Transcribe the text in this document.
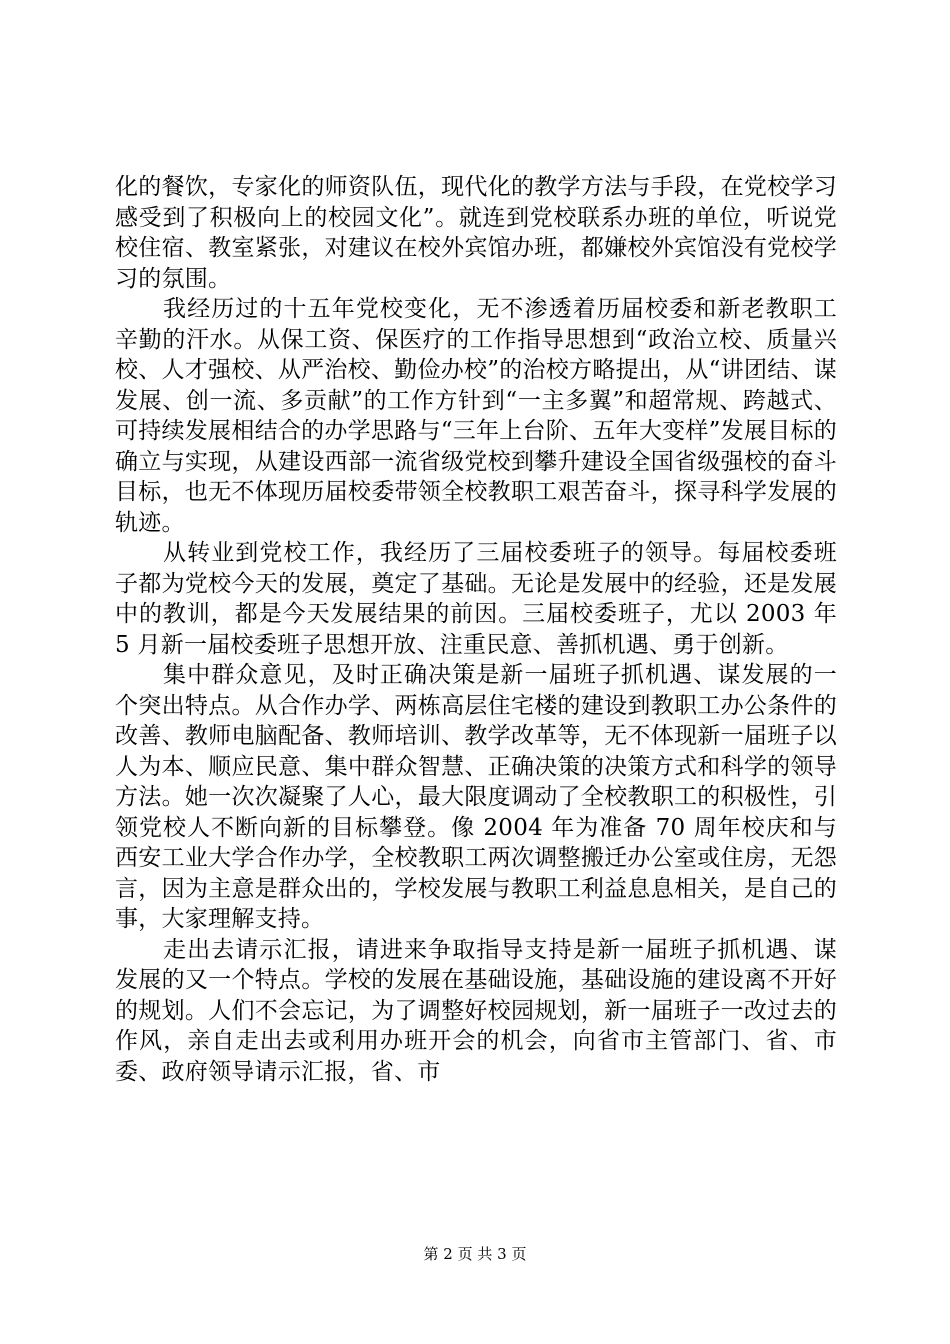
化的餐饮，专家化的师资队伍，现代化的教学方法与手段，在党校学习感受到了积极向上的校园文化”。就连到党校联系办班的单位，听说党校住宿、教室紧张，对建议在校外宾馆办班，都嫌校外宾馆没有党校学习的氛围。

我经历过的十五年党校变化，无不渗透着历届校委和新老教职工辛勤的汗水。从保工资、保医疗的工作指导思想到“政治立校、质量兴校、人才强校、从严治校、勤俭办校”的治校方略提出，从“讲团结、谋发展、创一流、多贡献”的工作方针到“一主多翼”和超常规、跨越式、可持续发展相结合的办学思路与“三年上台阶、五年大变样”发展目标的确立与实现，从建设西部一流省级党校到攀升建设全国省级强校的奋斗目标，也无不体现历届校委带领全校教职工艰苦奋斗，探寻科学发展的轨迹。

从转业到党校工作，我经历了三届校委班子的领导。每届校委班子都为党校今天的发展，奠定了基础。无论是发展中的经验，还是发展中的教训，都是今天发展结果的前因。三届校委班子，尤以 2003 年 5 月新一届校委班子思想开放、注重民意、善抓机遇、勇于创新。

集中群众意见，及时正确决策是新一届班子抓机遇、谋发展的一个突出特点。从合作办学、两栋高层住宅楼的建设到教职工办公条件的改善、教师电脑配备、教师培训、教学改革等，无不体现新一届班子以人为本、顺应民意、集中群众智慧、正确决策的决策方式和科学的领导方法。她一次次凝聚了人心，最大限度调动了全校教职工的积极性，引领党校人不断向新的目标攀登。像 2004 年为准备 70 周年校庆和与西安工业大学合作办学，全校教职工两次调整搬迁办公室或住房，无怨言，因为主意是群众出的，学校发展与教职工利益息息相关，是自己的事，大家理解支持。

走出去请示汇报，请进来争取指导支持是新一届班子抓机遇、谋发展的又一个特点。学校的发展在基础设施，基础设施的建设离不开好的规划。人们不会忘记，为了调整好校园规划，新一届班子一改过去的作风，亲自走出去或利用办班开会的机会，向省市主管部门、省、市委、政府领导请示汇报，省、市

第 2 页 共 3 页
